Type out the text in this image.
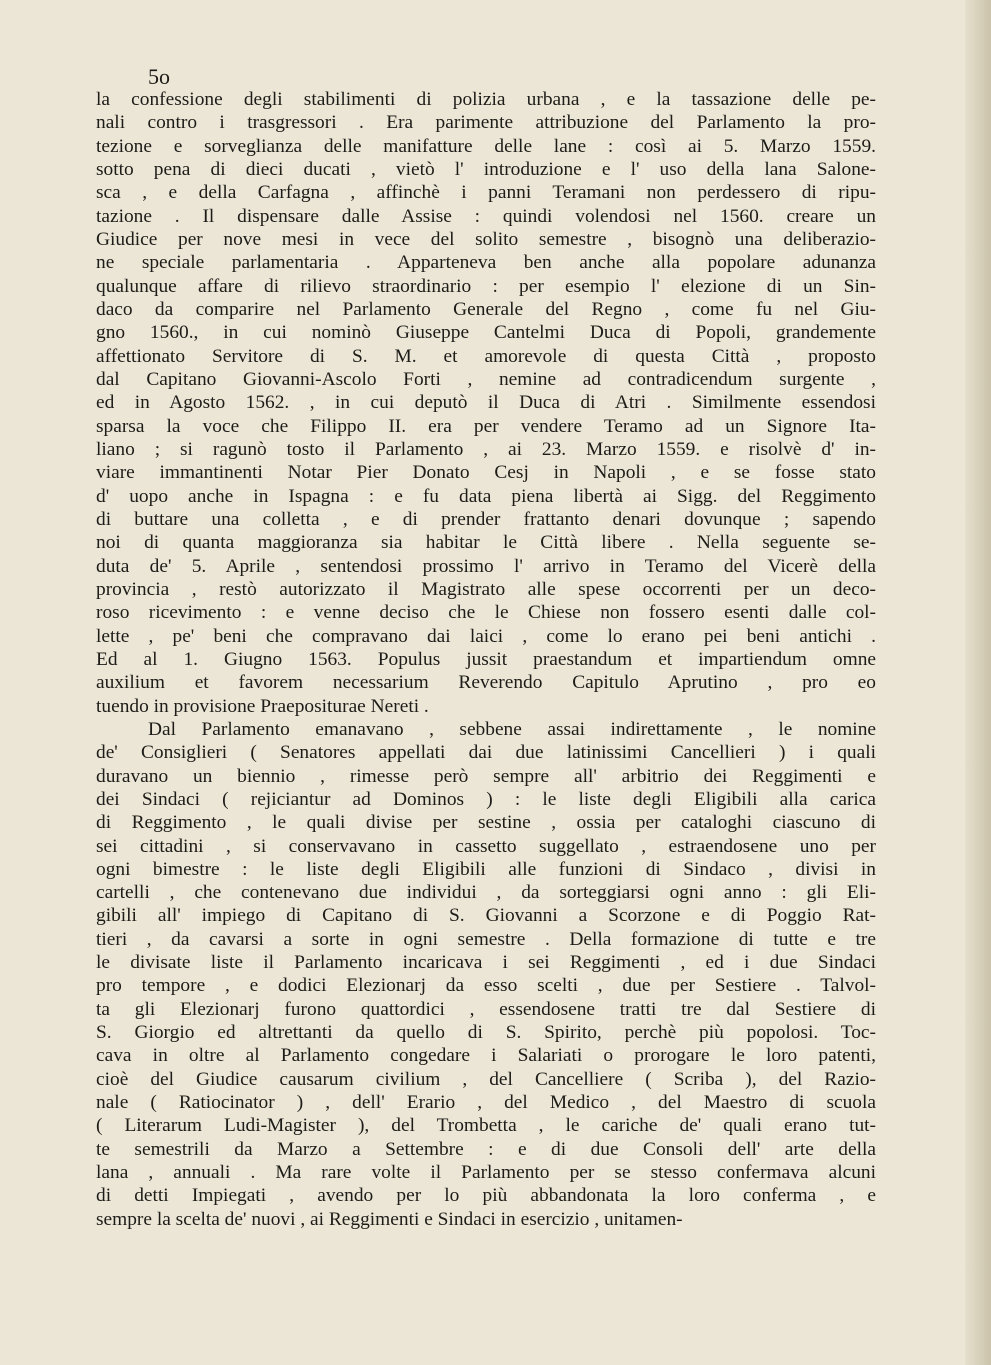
5o
la confessione degli stabilimenti di polizia urbana , e la tassazione delle pe-
nali contro i trasgressori . Era parimente attribuzione del Parlamento la pro-
tezione e sorveglianza delle manifatture delle lane : così ai 5. Marzo 1559.
sotto pena di dieci ducati , vietò l' introduzione e l' uso della lana Salone-
sca , e della Carfagna , affinchè i panni Teramani non perdessero di ripu-
tazione . Il dispensare dalle Assise : quindi volendosi nel 1560. creare un
Giudice per nove mesi in vece del solito semestre , bisognò una deliberazio-
ne speciale parlamentaria . Apparteneva ben anche alla popolare adunanza
qualunque affare di rilievo straordinario : per esempio l' elezione di un Sin-
daco da comparire nel Parlamento Generale del Regno , come fu nel Giu-
gno 1560., in cui nominò Giuseppe Cantelmi Duca di Popoli, grandemente
affettionato Servitore di S. M. et amorevole di questa Città , proposto
dal Capitano Giovanni-Ascolo Forti , nemine ad contradicendum surgente ,
ed in Agosto 1562. , in cui deputò il Duca di Atri . Similmente essendosi
sparsa la voce che Filippo II. era per vendere Teramo ad un Signore Ita-
liano ; si ragunò tosto il Parlamento , ai 23. Marzo 1559. e risolvè d' in-
viare immantinenti Notar Pier Donato Cesj in Napoli , e se fosse stato
d' uopo anche in Ispagna : e fu data piena libertà ai Sigg. del Reggimento
di buttare una colletta , e di prender frattanto denari dovunque ; sapendo
noi di quanta maggioranza sia habitar le Città libere . Nella seguente se-
duta de' 5. Aprile , sentendosi prossimo l' arrivo in Teramo del Vicerè della
provincia , restò autorizzato il Magistrato alle spese occorrenti per un deco-
roso ricevimento : e venne deciso che le Chiese non fossero esenti dalle col-
lette , pe' beni che compravano dai laici , come lo erano pei beni antichi .
Ed al 1. Giugno 1563. Populus jussit praestandum et impartiendum omne
auxilium et favorem necessarium Reverendo Capitulo Aprutino , pro eo
tuendo in provisione Praepositurae Nereti .
Dal Parlamento emanavano , sebbene assai indirettamente , le nomine
de' Consiglieri ( Senatores appellati dai due latinissimi Cancellieri ) i quali
duravano un biennio , rimesse però sempre all' arbitrio dei Reggimenti e
dei Sindaci ( rejiciantur ad Dominos ) : le liste degli Eligibili alla carica
di Reggimento , le quali divise per sestine , ossia per cataloghi ciascuno di
sei cittadini , si conservavano in cassetto suggellato , estraendosene uno per
ogni bimestre : le liste degli Eligibili alle funzioni di Sindaco , divisi in
cartelli , che contenevano due individui , da sorteggiarsi ogni anno : gli Eli-
gibili all' impiego di Capitano di S. Giovanni a Scorzone e di Poggio Rat-
tieri , da cavarsi a sorte in ogni semestre . Della formazione di tutte e tre
le divisate liste il Parlamento incaricava i sei Reggimenti , ed i due Sindaci
pro tempore , e dodici Elezionarj da esso scelti , due per Sestiere . Talvol-
ta gli Elezionarj furono quattordici , essendosene tratti tre dal Sestiere di
S. Giorgio ed altrettanti da quello di S. Spirito, perchè più popolosi. Toc-
cava in oltre al Parlamento congedare i Salariati o prorogare le loro patenti,
cioè del Giudice causarum civilium , del Cancelliere ( Scriba ), del Razio-
nale ( Ratiocinator ) , dell' Erario , del Medico , del Maestro di scuola
( Literarum Ludi-Magister ), del Trombetta , le cariche de' quali erano tut-
te semestrili da Marzo a Settembre : e di due Consoli dell' arte della
lana , annuali . Ma rare volte il Parlamento per se stesso confermava alcuni
di detti Impiegati , avendo per lo più abbandonata la loro conferma , e
sempre la scelta de' nuovi , ai Reggimenti e Sindaci in esercizio , unitamen-
